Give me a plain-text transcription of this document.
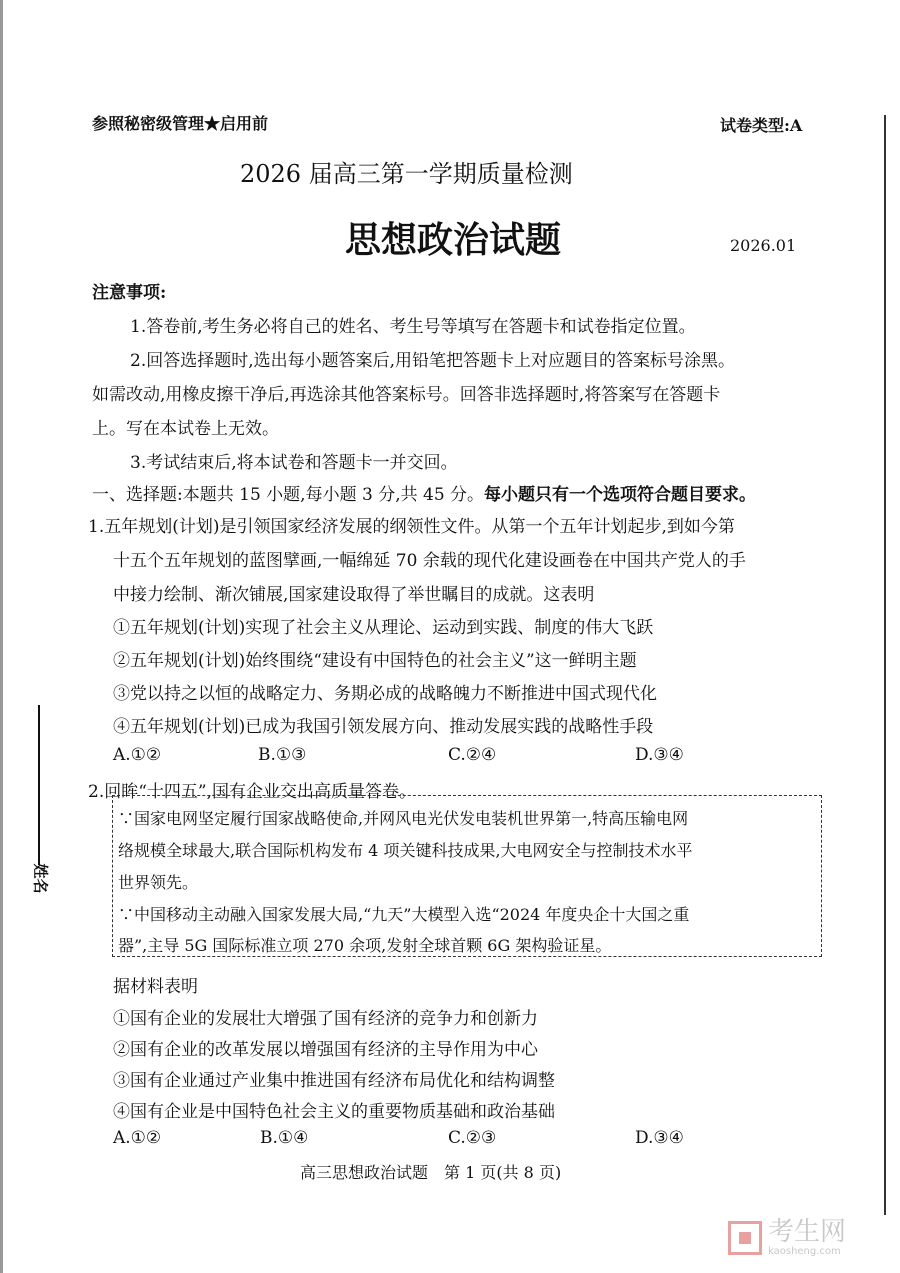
姓名
参照秘密级管理★启用前	试卷类型:A
2026 届高三第一学期质量检测
思想政治试题	2026.01
注意事项:
1.答卷前,考生务必将自己的姓名、考生号等填写在答题卡和试卷指定位置。
2.回答选择题时,选出每小题答案后,用铅笔把答题卡上对应题目的答案标号涂黑。
如需改动,用橡皮擦干净后,再选涂其他答案标号。回答非选择题时,将答案写在答题卡
上。写在本试卷上无效。
3.考试结束后,将本试卷和答题卡一并交回。
一、选择题:本题共 15 小题,每小题 3 分,共 45 分。每小题只有一个选项符合题目要求。
1.五年规划(计划)是引领国家经济发展的纲领性文件。从第一个五年计划起步,到如今第
十五个五年规划的蓝图擘画,一幅绵延 70 余载的现代化建设画卷在中国共产党人的手
中接力绘制、渐次铺展,国家建设取得了举世瞩目的成就。这表明
①五年规划(计划)实现了社会主义从理论、运动到实践、制度的伟大飞跃
②五年规划(计划)始终围绕“建设有中国特色的社会主义”这一鲜明主题
③党以持之以恒的战略定力、务期必成的战略魄力不断推进中国式现代化
④五年规划(计划)已成为我国引领发展方向、推动发展实践的战略性手段
A.①②	B.①③	C.②④	D.③④
2.回眸“十四五”,国有企业交出高质量答卷。
∵国家电网坚定履行国家战略使命,并网风电光伏发电装机世界第一,特高压输电网
络规模全球最大,联合国际机构发布 4 项关键科技成果,大电网安全与控制技术水平
世界领先。
∵中国移动主动融入国家发展大局,“九天”大模型入选“2024 年度央企十大国之重
器”,主导 5G 国际标准立项 270 余项,发射全球首颗 6G 架构验证星。
据材料表明
①国有企业的发展壮大增强了国有经济的竞争力和创新力
②国有企业的改革发展以增强国有经济的主导作用为中心
③国有企业通过产业集中推进国有经济布局优化和结构调整
④国有企业是中国特色社会主义的重要物质基础和政治基础
A.①②	B.①④	C.②③	D.③④
高三思想政治试题　第 1 页(共 8 页)
考生网
kaosheng.com
